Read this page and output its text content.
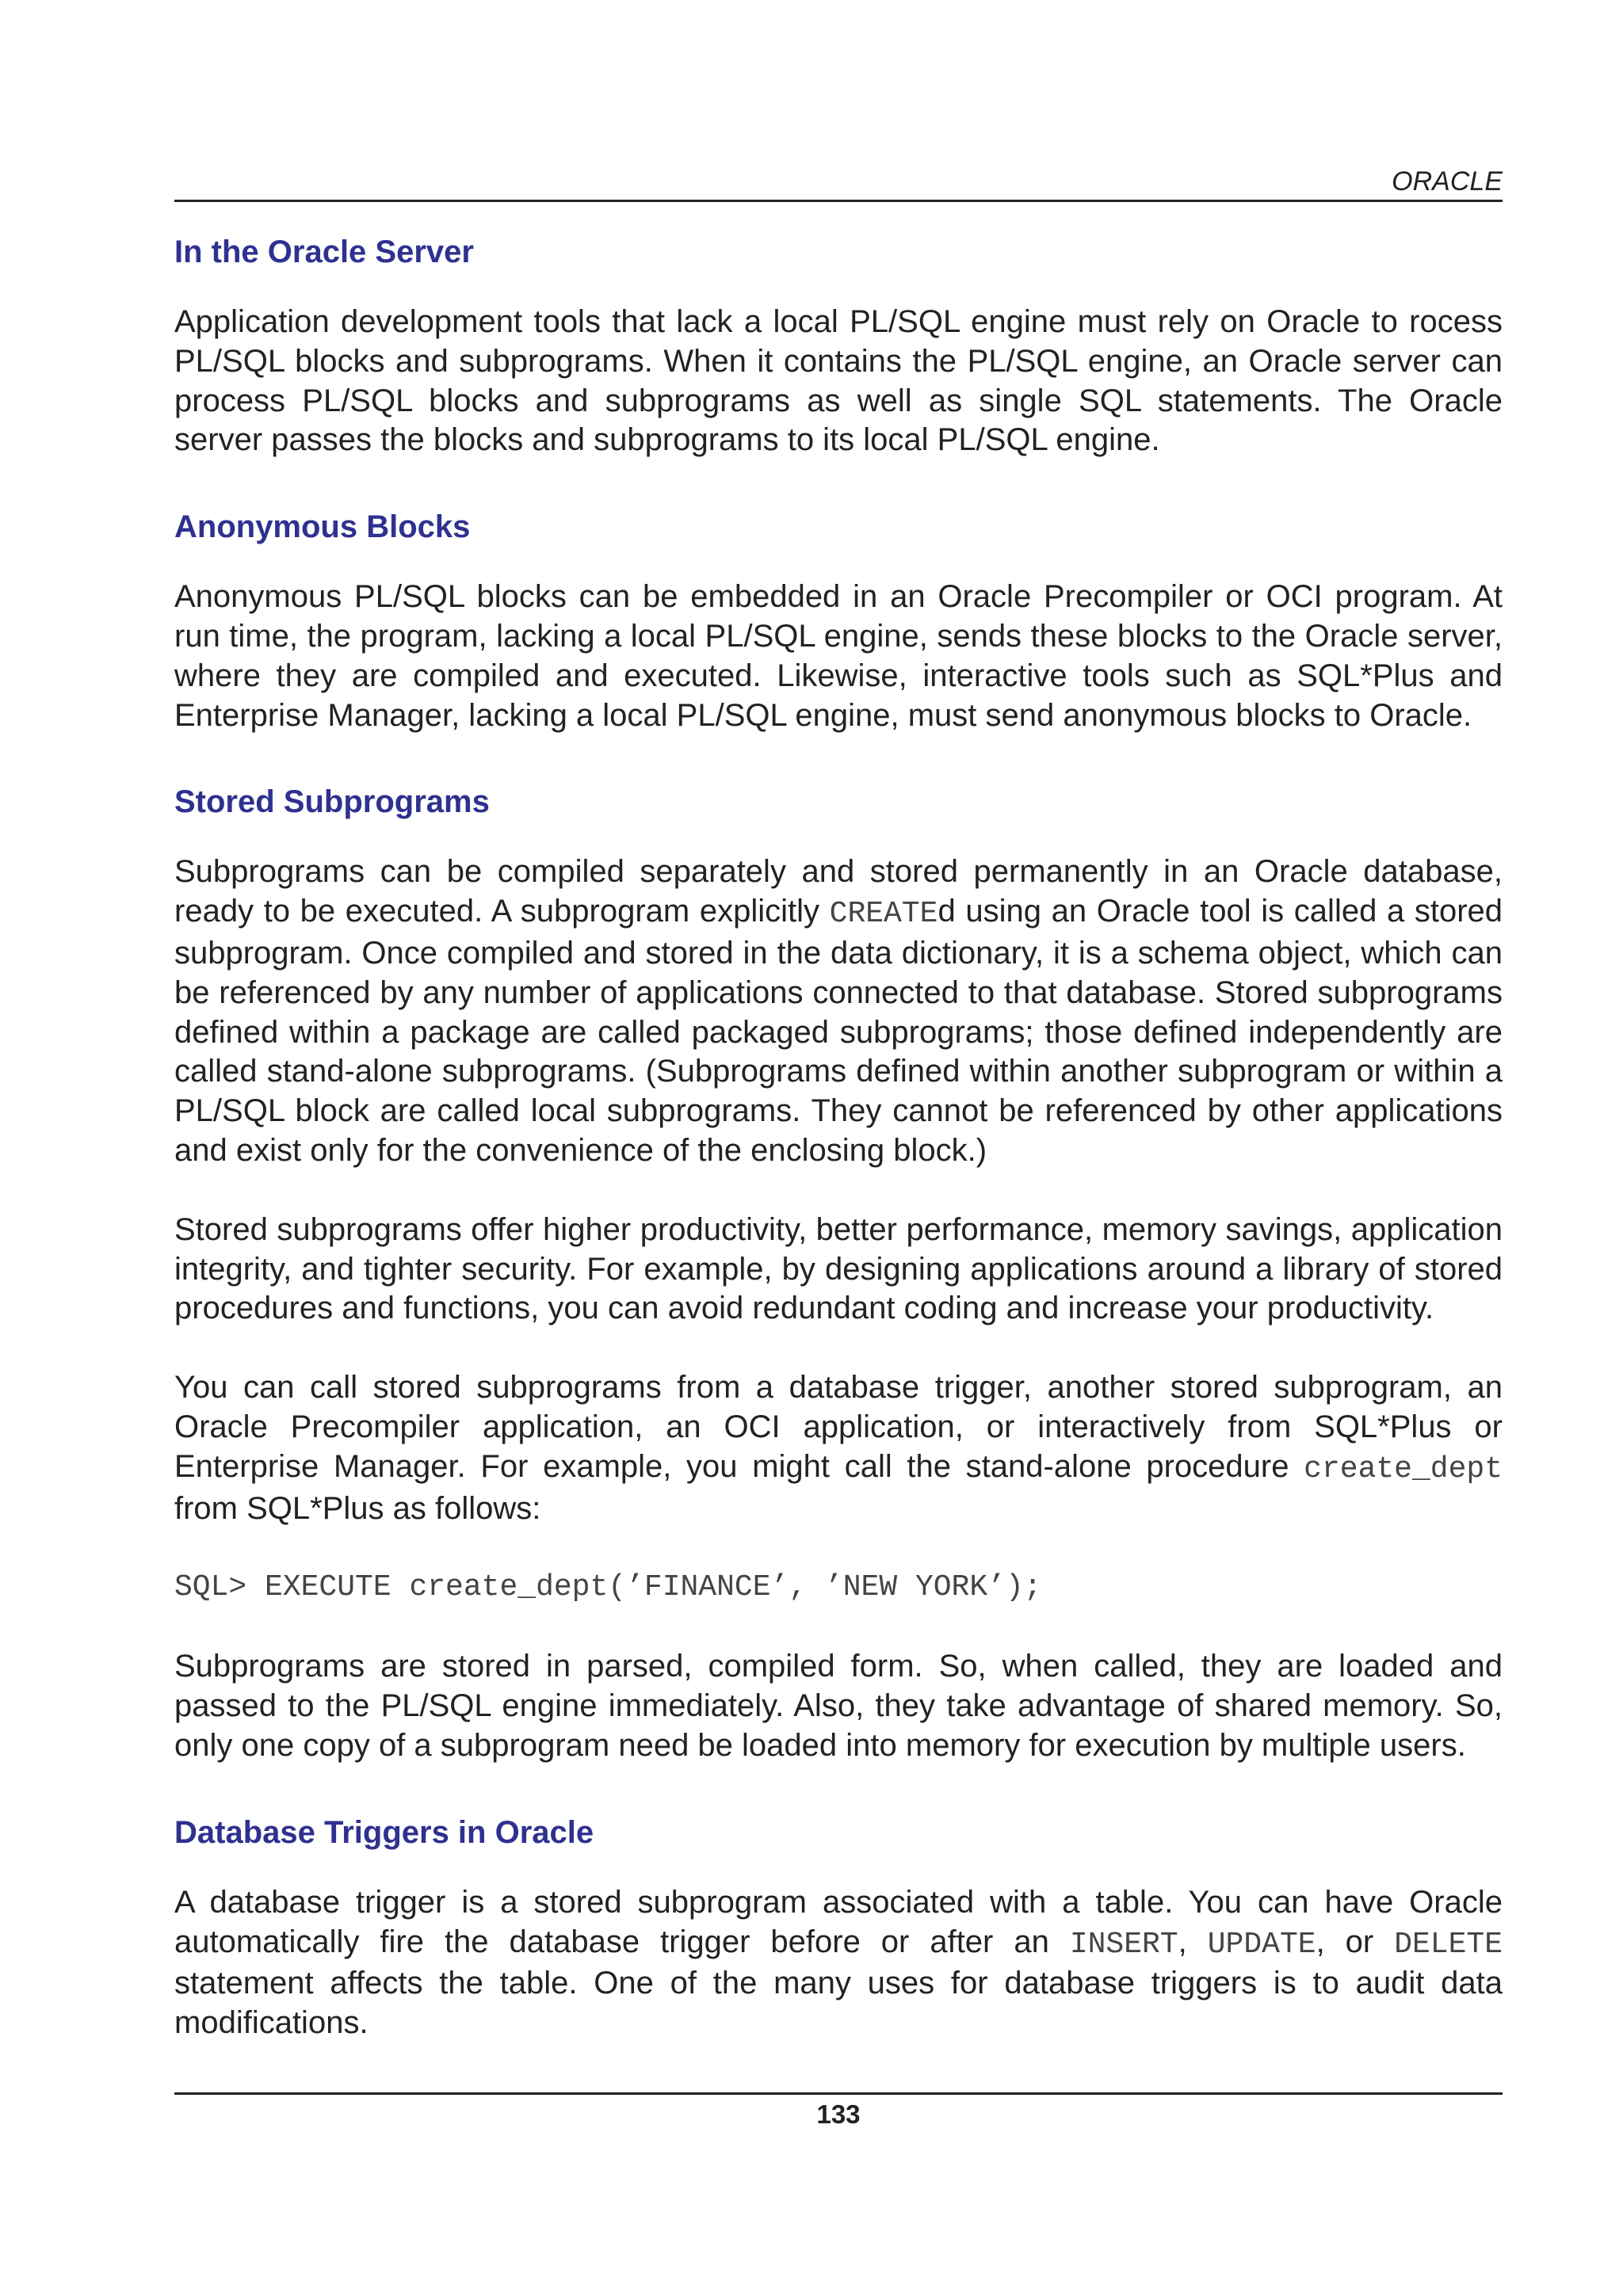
ORACLE
In the Oracle Server

Application development tools that lack a local PL/SQL engine must rely on Oracle to rocess PL/SQL blocks and subprograms. When it contains the PL/SQL engine, an Oracle server can process PL/SQL blocks and subprograms as well as single SQL statements. The Oracle server passes the blocks and subprograms to its local PL/SQL engine.

Anonymous Blocks

Anonymous PL/SQL blocks can be embedded in an Oracle Precompiler or OCI program. At run time, the program, lacking a local PL/SQL engine, sends these blocks to the Oracle server, where they are compiled and executed. Likewise, interactive tools such as SQL*Plus and Enterprise Manager, lacking a local PL/SQL engine, must send anonymous blocks to Oracle.

Stored Subprograms

Subprograms can be compiled separately and stored permanently in an Oracle database, ready to be executed. A subprogram explicitly CREATEd using an Oracle tool is called a stored subprogram. Once compiled and stored in the data dictionary, it is a schema object, which can be referenced by any number of applications connected to that database. Stored subprograms defined within a package are called packaged subprograms; those defined independently are called stand-alone subprograms. (Subprograms defined within another subprogram or within a PL/SQL block are called local subprograms. They cannot be referenced by other applications and exist only for the convenience of the enclosing block.)

Stored subprograms offer higher productivity, better performance, memory savings, application integrity, and tighter security. For example, by designing applications around a library of stored procedures and functions, you can avoid redundant coding and increase your productivity.

You can call stored subprograms from a database trigger, another stored subprogram, an Oracle Precompiler application, an OCI application, or interactively from SQL*Plus or Enterprise Manager. For example, you might call the stand-alone procedure create_dept from SQL*Plus as follows:

SQL> EXECUTE create_dept(’FINANCE’, ’NEW YORK’);

Subprograms are stored in parsed, compiled form. So, when called, they are loaded and passed to the PL/SQL engine immediately. Also, they take advantage of shared memory. So, only one copy of a subprogram need be loaded into memory for execution by multiple users.

Database Triggers in Oracle

A database trigger is a stored subprogram associated with a table. You can have Oracle automatically fire the database trigger before or after an INSERT, UPDATE, or DELETE statement affects the table. One of the many uses for database triggers is to audit data modifications.

133
